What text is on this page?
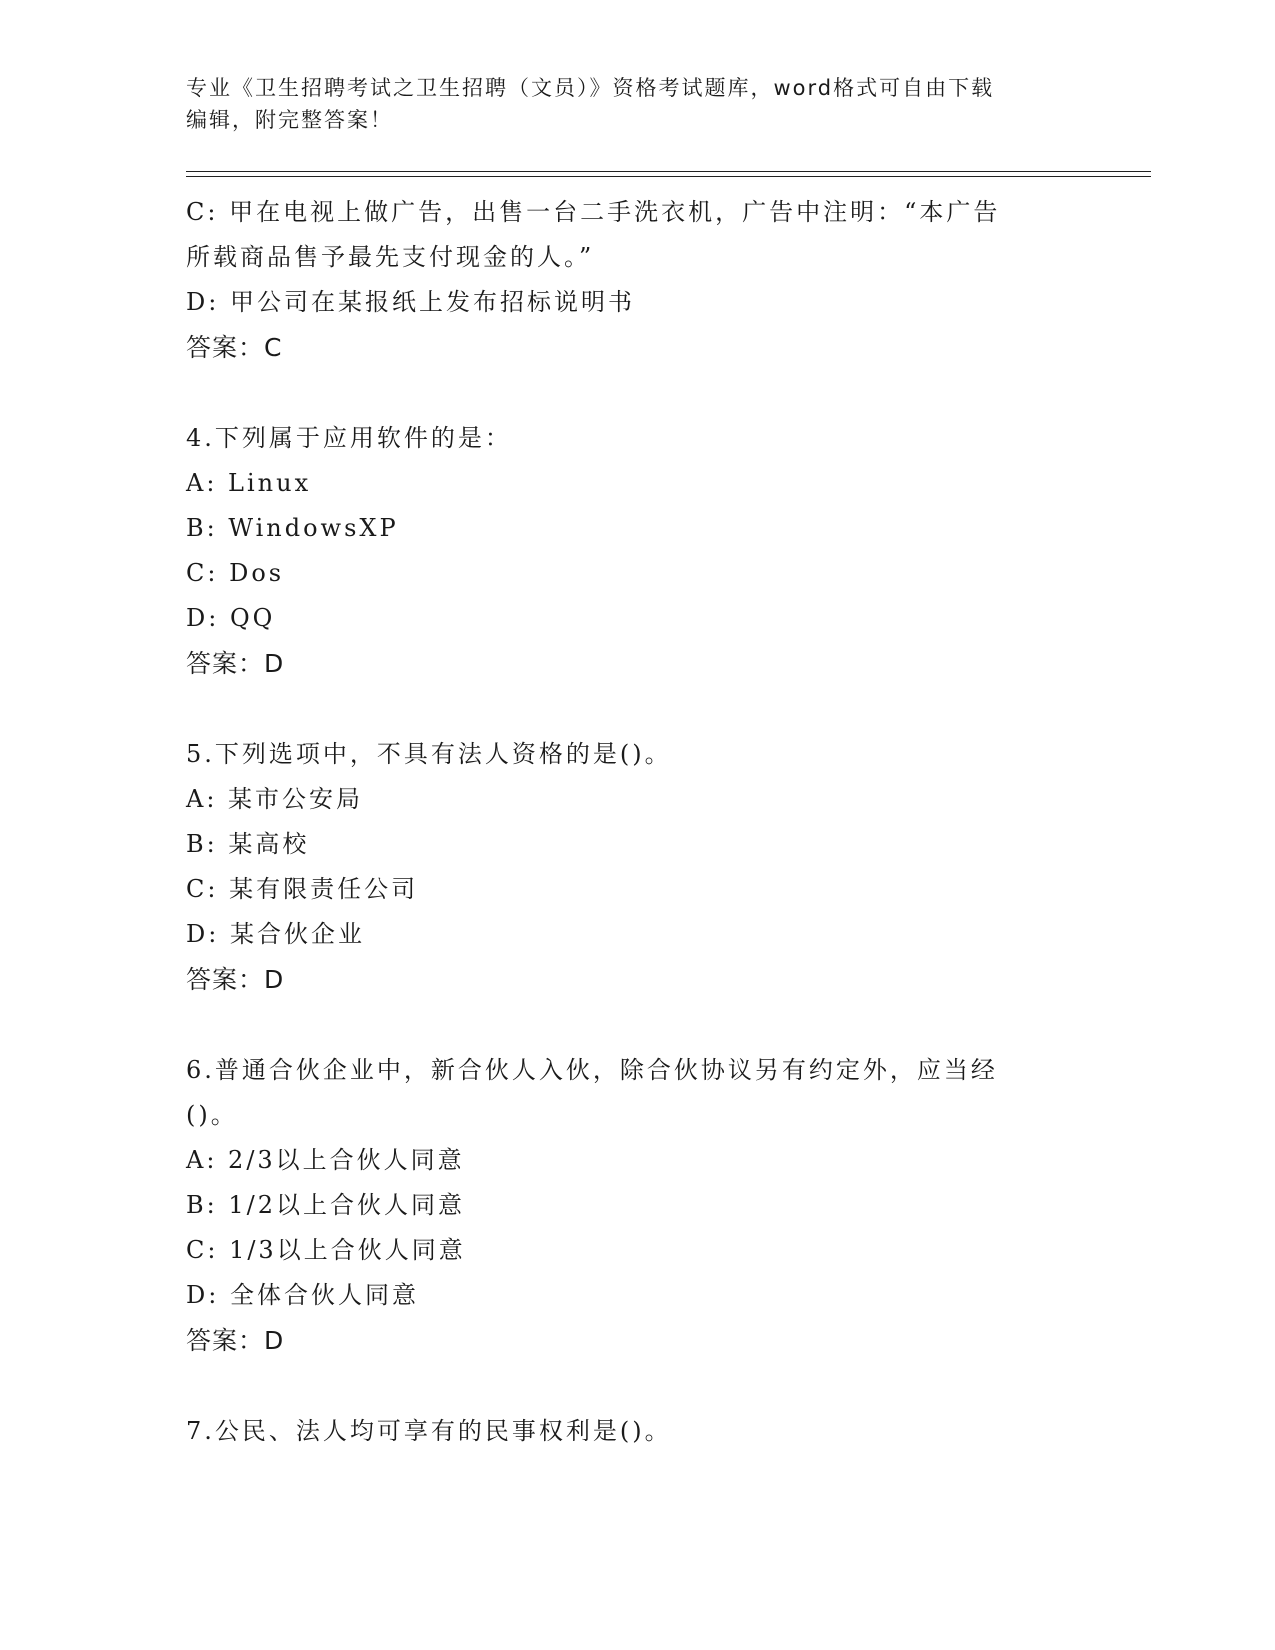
专业《卫生招聘考试之卫生招聘（文员）》资格考试题库，word格式可自由下载
编辑，附完整答案！
C: 甲在电视上做广告，出售一台二手洗衣机，广告中注明：“本广告
所载商品售予最先支付现金的人。”
D: 甲公司在某报纸上发布招标说明书
答案：C
4.下列属于应用软件的是：
A: Linux
B: WindowsXP
C: Dos
D: QQ
答案：D
5.下列选项中，不具有法人资格的是()。
A: 某市公安局
B: 某高校
C: 某有限责任公司
D: 某合伙企业
答案：D
6.普通合伙企业中，新合伙人入伙，除合伙协议另有约定外，应当经
()。
A: 2/3以上合伙人同意
B: 1/2以上合伙人同意
C: 1/3以上合伙人同意
D: 全体合伙人同意
答案：D
7.公民、法人均可享有的民事权利是()。
